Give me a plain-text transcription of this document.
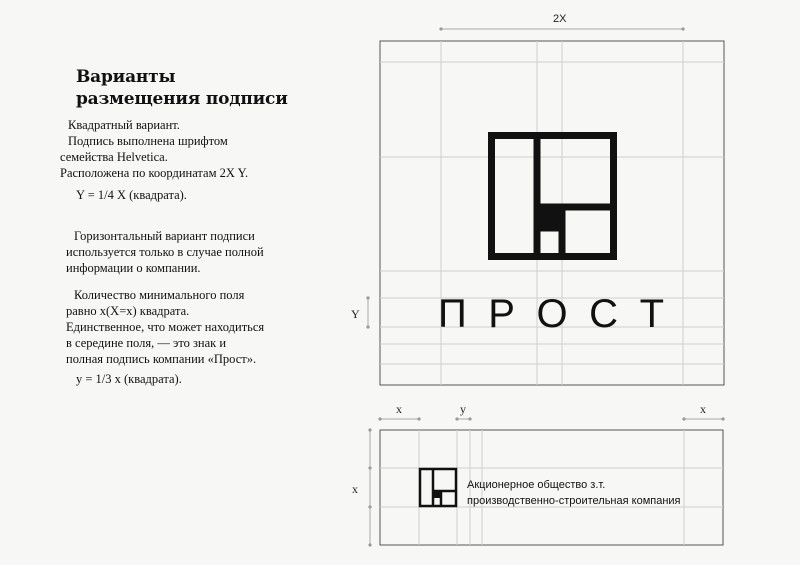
Варианты
размещения подписи
Квадратный вариант.
Подпись выполнена шрифтом
семейства Helvetica.
Расположена по координатам 2X Y.
Y = 1/4 X (квадрата).
Горизонтальный вариант подписи
используется только в случае полной
информации о компании.
Количество минимального поля
равно x(X=x) квадрата.
Единственное, что может находиться
в середине поля, — это знак и
полная подпись компании «Прост».
y = 1/3 x (квадрата).
2X
Y П Р О С Т
x	y	x
x	Акционерное общество з.т.
производственно-строительная компания
